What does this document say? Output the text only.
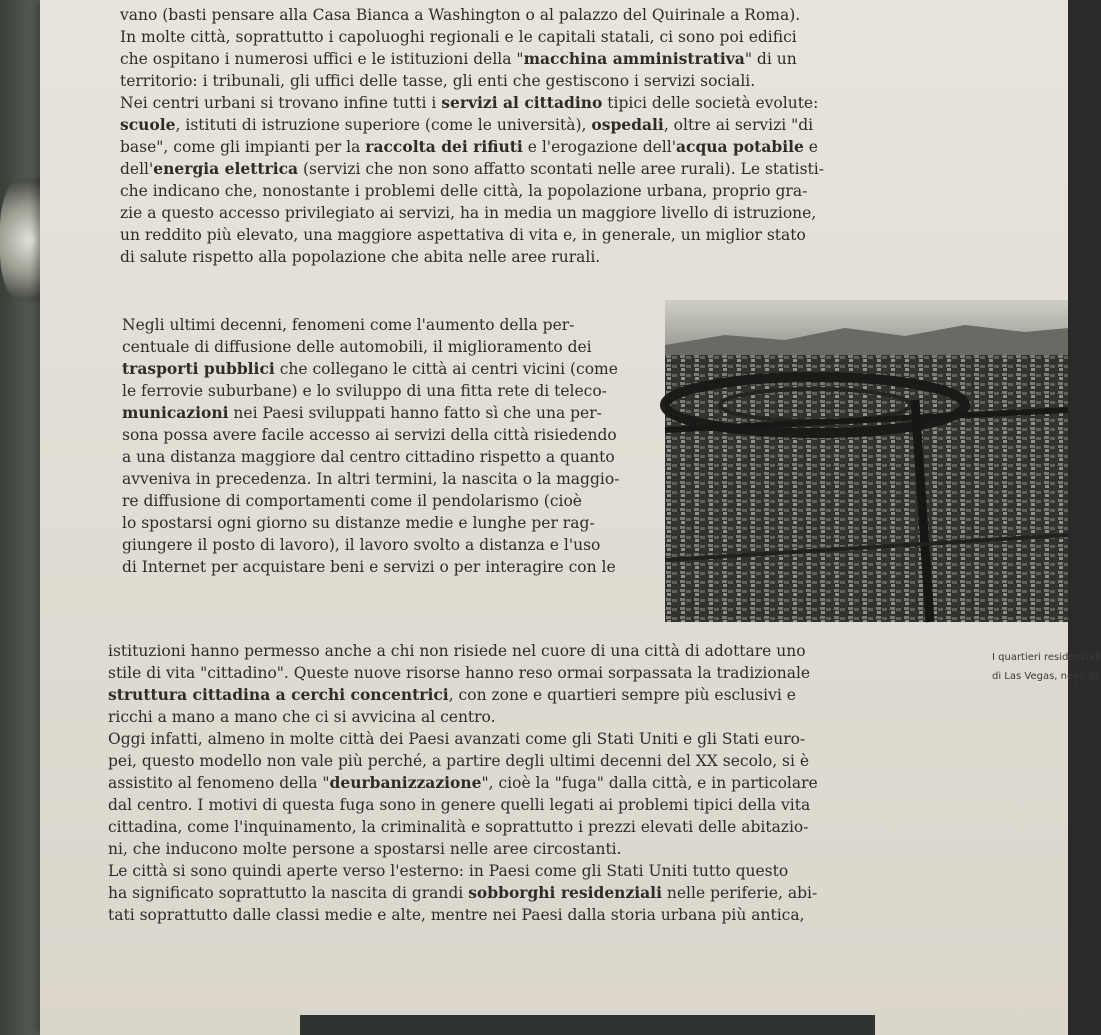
vano (basti pensare alla Casa Bianca a Washington o al palazzo del Quirinale a Roma).
In molte città, soprattutto i capoluoghi regionali e le capitali statali, ci sono poi edifici
che ospitano i numerosi uffici e le istituzioni della "macchina amministrativa" di un
territorio: i tribunali, gli uffici delle tasse, gli enti che gestiscono i servizi sociali.
Nei centri urbani si trovano infine tutti i servizi al cittadino tipici delle società evolute:
scuole, istituti di istruzione superiore (come le università), ospedali, oltre ai servizi "di
base", come gli impianti per la raccolta dei rifiuti e l'erogazione dell'acqua potabile e
dell'energia elettrica (servizi che non sono affatto scontati nelle aree rurali). Le statisti-
che indicano che, nonostante i problemi delle città, la popolazione urbana, proprio gra-
zie a questo accesso privilegiato ai servizi, ha in media un maggiore livello di istruzione,
un reddito più elevato, una maggiore aspettativa di vita e, in generale, un miglior stato
di salute rispetto alla popolazione che abita nelle aree rurali.
Negli ultimi decenni, fenomeni come l'aumento della per-
centuale di diffusione delle automobili, il miglioramento dei
trasporti pubblici che collegano le città ai centri vicini (come
le ferrovie suburbane) e lo sviluppo di una fitta rete di teleco-
municazioni nei Paesi sviluppati hanno fatto sì che una per-
sona possa avere facile accesso ai servizi della città risiedendo
a una distanza maggiore dal centro cittadino rispetto a quanto
avveniva in precedenza. In altri termini, la nascita o la maggio-
re diffusione di comportamenti come il pendolarismo (cioè
lo spostarsi ogni giorno su distanze medie e lunghe per rag-
giungere il posto di lavoro), il lavoro svolto a distanza e l'uso
di Internet per acquistare beni e servizi o per interagire con le
istituzioni hanno permesso anche a chi non risiede nel cuore di una città di adottare uno
stile di vita "cittadino". Queste nuove risorse hanno reso ormai sorpassata la tradizionale
struttura cittadina a cerchi concentrici, con zone e quartieri sempre più esclusivi e
ricchi a mano a mano che ci si avvicina al centro.
Oggi infatti, almeno in molte città dei Paesi avanzati come gli Stati Uniti e gli Stati euro-
pei, questo modello non vale più perché, a partire degli ultimi decenni del XX secolo, si è
assistito al fenomeno della "deurbanizzazione", cioè la "fuga" dalla città, e in particolare
dal centro. I motivi di questa fuga sono in genere quelli legati ai problemi tipici della vita
cittadina, come l'inquinamento, la criminalità e soprattutto i prezzi elevati delle abitazio-
ni, che inducono molte persone a spostarsi nelle aree circostanti.
Le città si sono quindi aperte verso l'esterno: in Paesi come gli Stati Uniti tutto questo
ha significato soprattutto la nascita di grandi sobborghi residenziali nelle periferie, abi-
tati soprattutto dalle classi medie e alte, mentre nei Paesi dalla storia urbana più antica,
I quartieri residenziali
di Las Vegas, negli St
